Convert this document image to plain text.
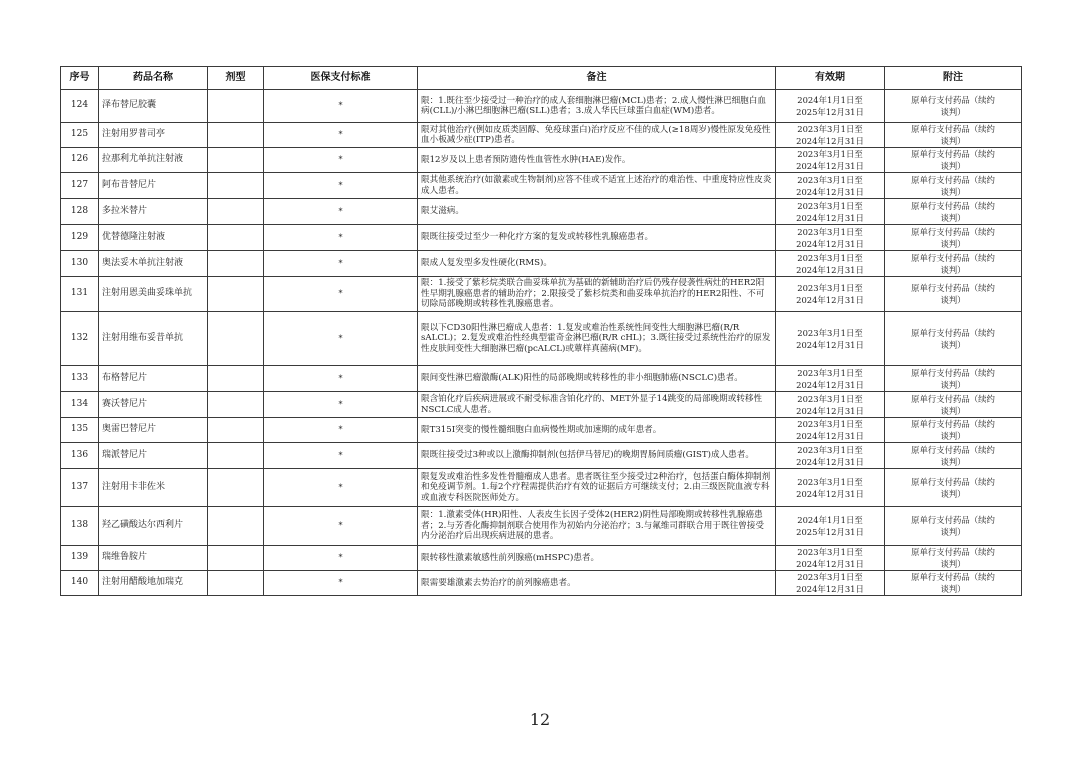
序号	药品名称	剂型	医保支付标准	备注	有效期	附注
124	泽布替尼胶囊		*	限：1.既往至少接受过一种治疗的成人套细胞淋巴瘤(MCL)患者；2.成人慢性淋巴细胞白血病(CLL)/小淋巴细胞淋巴瘤(SLL)患者；3.成人华氏巨球蛋白血症(WM)患者。	2024年1月1日至
2025年12月31日	原单行支付药品（续约
谈判）

125	注射用罗普司亭		*	限对其他治疗(例如皮质类固醇、免疫球蛋白)治疗反应不佳的成人(≥18周岁)慢性原发免疫性血小板减少症(ITP)患者。	2023年3月1日至
2024年12月31日	原单行支付药品（续约
谈判）

126	拉那利尤单抗注射液		*	限12岁及以上患者预防遗传性血管性水肿(HAE)发作。	2023年3月1日至
2024年12月31日	原单行支付药品（续约
谈判）

127	阿布昔替尼片		*	限其他系统治疗(如激素或生物制剂)应答不佳或不适宜上述治疗的难治性、中重度特应性皮炎成人患者。	2023年3月1日至
2024年12月31日	原单行支付药品（续约
谈判）

128	多拉米替片		*	限艾滋病。	2023年3月1日至
2024年12月31日	原单行支付药品（续约
谈判）

129	优替德隆注射液		*	限既往接受过至少一种化疗方案的复发或转移性乳腺癌患者。	2023年3月1日至
2024年12月31日	原单行支付药品（续约
谈判）

130	奥法妥木单抗注射液		*	限成人复发型多发性硬化(RMS)。	2023年3月1日至
2024年12月31日	原单行支付药品（续约
谈判）

131	注射用恩美曲妥珠单抗		*	限：1.接受了紫杉烷类联合曲妥珠单抗为基础的新辅助治疗后仍残存侵袭性病灶的HER2阳性早期乳腺癌患者的辅助治疗；2.限接受了紫杉烷类和曲妥珠单抗治疗的HER2阳性、不可切除局部晚期或转移性乳腺癌患者。	2023年3月1日至
2024年12月31日	原单行支付药品（续约
谈判）

132	注射用维布妥昔单抗		*	限以下CD30阳性淋巴瘤成人患者：1.复发或难治性系统性间变性大细胞淋巴瘤(R/R sALCL)；2.复发或难治性经典型霍奇金淋巴瘤(R/R cHL)；3.既往接受过系统性治疗的原发性皮肤间变性大细胞淋巴瘤(pcALCL)或蕈样真菌病(MF)。	2023年3月1日至
2024年12月31日	原单行支付药品（续约
谈判）

133	布格替尼片		*	限间变性淋巴瘤激酶(ALK)阳性的局部晚期或转移性的非小细胞肺癌(NSCLC)患者。	2023年3月1日至
2024年12月31日	原单行支付药品（续约
谈判）

134	赛沃替尼片		*	限含铂化疗后疾病进展或不耐受标准含铂化疗的、MET外显子14跳变的局部晚期或转移性NSCLC成人患者。	2023年3月1日至
2024年12月31日	原单行支付药品（续约
谈判）

135	奥雷巴替尼片		*	限T315I突变的慢性髓细胞白血病慢性期或加速期的成年患者。	2023年3月1日至
2024年12月31日	原单行支付药品（续约
谈判）

136	瑞派替尼片		*	限既往接受过3种或以上激酶抑制剂(包括伊马替尼)的晚期胃肠间质瘤(GIST)成人患者。	2023年3月1日至
2024年12月31日	原单行支付药品（续约
谈判）

137	注射用卡非佐米		*	限复发或难治性多发性骨髓瘤成人患者。患者既往至少接受过2种治疗，包括蛋白酶体抑制剂和免疫调节剂。1.每2个疗程需提供治疗有效的证据后方可继续支付；2.由三级医院血液专科或血液专科医院医师处方。	2023年3月1日至
2024年12月31日	原单行支付药品（续约
谈判）

138	羟乙磺酸达尔西利片		*	限：1.激素受体(HR)阳性、人表皮生长因子受体2(HER2)阴性局部晚期或转移性乳腺癌患者；2.与芳香化酶抑制剂联合使用作为初始内分泌治疗；3.与氟维司群联合用于既往曾接受内分泌治疗后出现疾病进展的患者。	2024年1月1日至
2025年12月31日	原单行支付药品（续约
谈判）

139	瑞维鲁胺片		*	限转移性激素敏感性前列腺癌(mHSPC)患者。	2023年3月1日至
2024年12月31日	原单行支付药品（续约
谈判）

140	注射用醋酸地加瑞克		*	限需要雄激素去势治疗的前列腺癌患者。	2023年3月1日至
2024年12月31日	原单行支付药品（续约
谈判）
12
